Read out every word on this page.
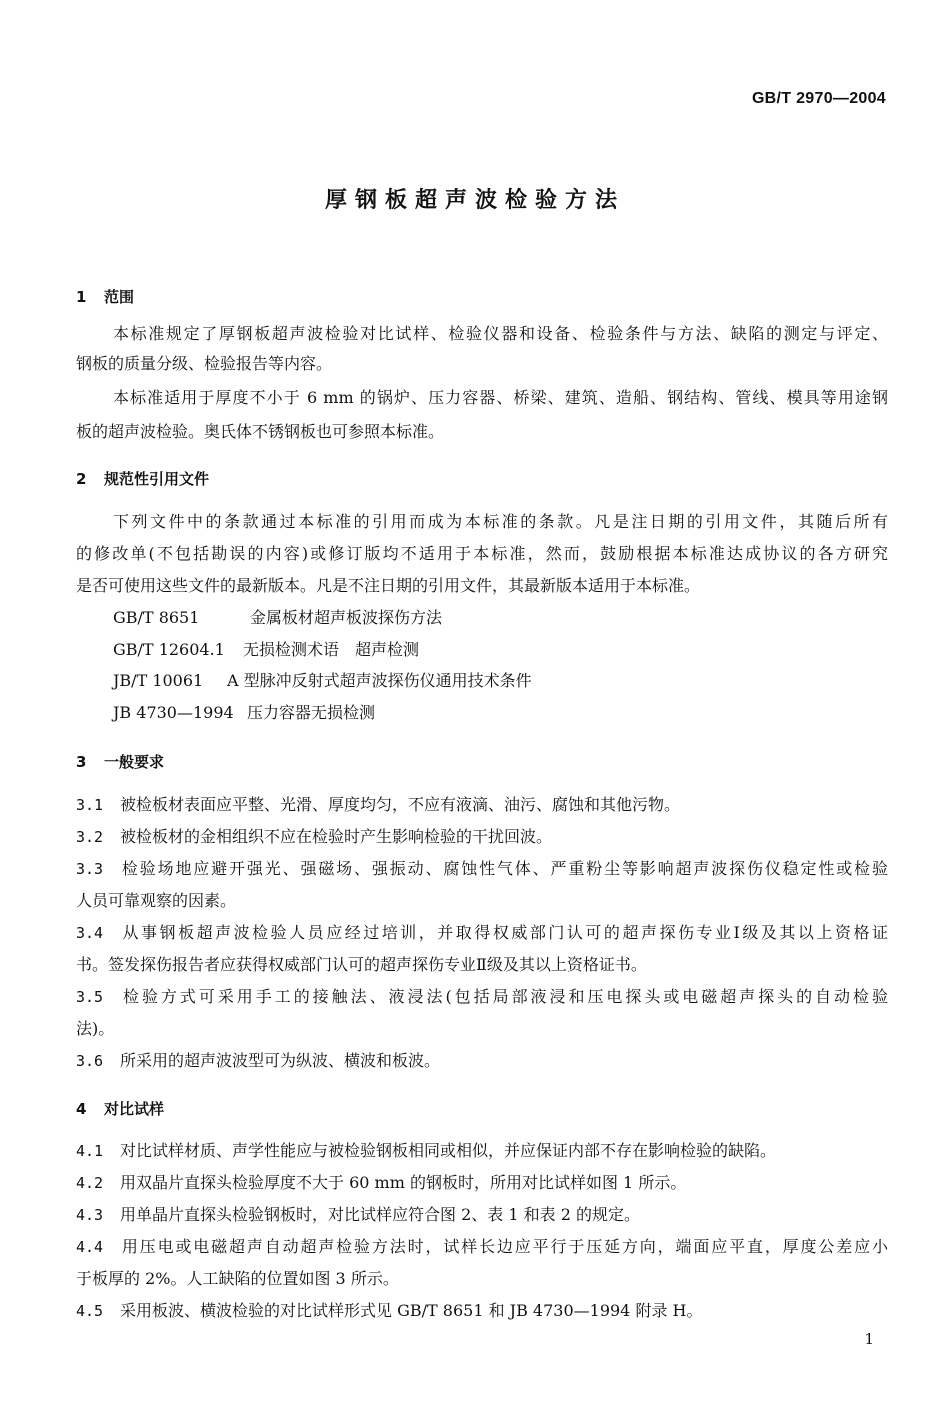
GB/T 2970—2004
厚钢板超声波检验方法
1 范围
本标准规定了厚钢板超声波检验对比试样、检验仪器和设备、检验条件与方法、缺陷的测定与评定、
钢板的质量分级、检验报告等内容。
本标准适用于厚度不小于 6 mm 的锅炉、压力容器、桥梁、建筑、造船、钢结构、管线、模具等用途钢
板的超声波检验。奥氏体不锈钢板也可参照本标准。
2 规范性引用文件
下列文件中的条款通过本标准的引用而成为本标准的条款。凡是注日期的引用文件，其随后所有
的修改单(不包括勘误的内容)或修订版均不适用于本标准，然而，鼓励根据本标准达成协议的各方研究
是否可使用这些文件的最新版本。凡是不注日期的引用文件，其最新版本适用于本标准。
GB/T 8651	金属板材超声板波探伤方法
GB/T 12604.1 无损检测术语　超声检测
JB/T 10061 A 型脉冲反射式超声波探伤仪通用技术条件
JB 4730—1994 压力容器无损检测
3 一般要求
3.1 被检板材表面应平整、光滑、厚度均匀，不应有液滴、油污、腐蚀和其他污物。
3.2 被检板材的金相组织不应在检验时产生影响检验的干扰回波。
3.3 检验场地应避开强光、强磁场、强振动、腐蚀性气体、严重粉尘等影响超声波探伤仪稳定性或检验
人员可靠观察的因素。
3.4 从事钢板超声波检验人员应经过培训，并取得权威部门认可的超声探伤专业Ⅰ级及其以上资格证
书。签发探伤报告者应获得权威部门认可的超声探伤专业Ⅱ级及其以上资格证书。
3.5 检验方式可采用手工的接触法、液浸法(包括局部液浸和压电探头或电磁超声探头的自动检验
法)。
3.6 所采用的超声波波型可为纵波、横波和板波。
4 对比试样
4.1 对比试样材质、声学性能应与被检验钢板相同或相似，并应保证内部不存在影响检验的缺陷。
4.2 用双晶片直探头检验厚度不大于 60 mm 的钢板时，所用对比试样如图 1 所示。
4.3 用单晶片直探头检验钢板时，对比试样应符合图 2、表 1 和表 2 的规定。
4.4 用压电或电磁超声自动超声检验方法时，试样长边应平行于压延方向，端面应平直，厚度公差应小
于板厚的 2%。人工缺陷的位置如图 3 所示。
4.5 采用板波、横波检验的对比试样形式见 GB/T 8651 和 JB 4730—1994 附录 H。
1
